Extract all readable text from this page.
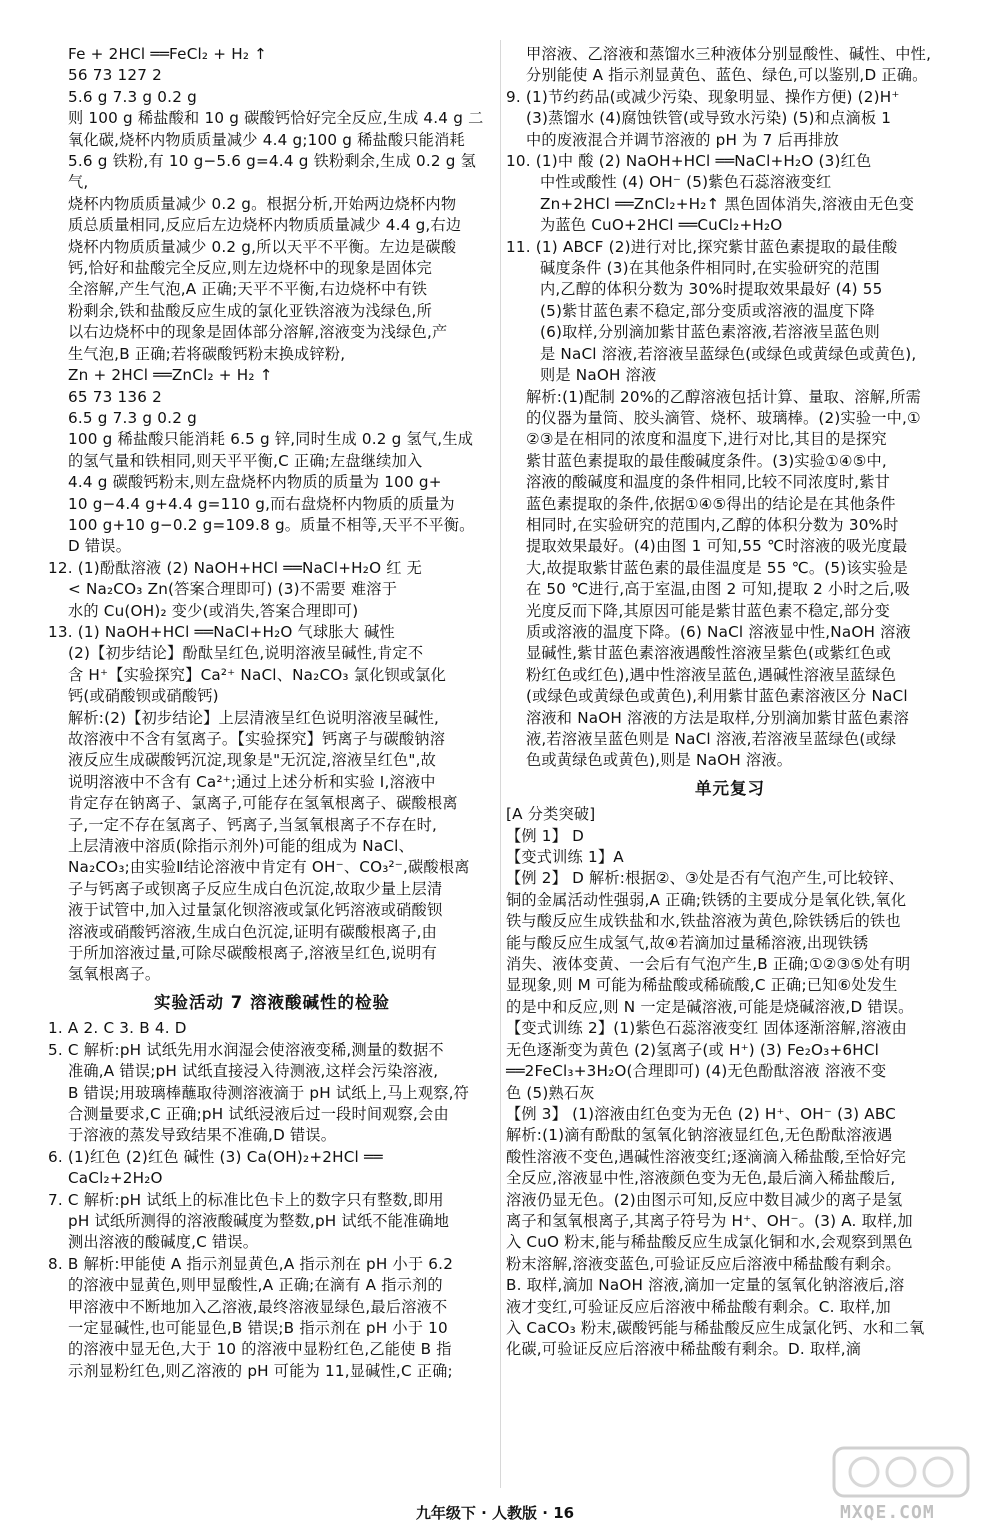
Fe + 2HCl ══FeCl₂ + H₂ ↑
56 73 127 2
5.6 g 7.3 g 0.2 g
则 100 g 稀盐酸和 10 g 碳酸钙恰好完全反应,生成 4.4 g 二
氧化碳,烧杯内物质质量减少 4.4 g;100 g 稀盐酸只能消耗
5.6 g 铁粉,有 10 g−5.6 g=4.4 g 铁粉剩余,生成 0.2 g 氢气,
烧杯内物质质量减少 0.2 g。根据分析,开始两边烧杯内物
质总质量相同,反应后左边烧杯内物质质量减少 4.4 g,右边
烧杯内物质质量减少 0.2 g,所以天平不平衡。左边是碳酸
钙,恰好和盐酸完全反应,则左边烧杯中的现象是固体完
全溶解,产生气泡,A 正确;天平不平衡,右边烧杯中有铁
粉剩余,铁和盐酸反应生成的氯化亚铁溶液为浅绿色,所
以右边烧杯中的现象是固体部分溶解,溶液变为浅绿色,产
生气泡,B 正确;若将碳酸钙粉末换成锌粉,
Zn + 2HCl ══ZnCl₂ + H₂ ↑
65 73 136 2
6.5 g 7.3 g 0.2 g
100 g 稀盐酸只能消耗 6.5 g 锌,同时生成 0.2 g 氢气,生成
的氢气量和铁相同,则天平平衡,C 正确;左盘继续加入
4.4 g 碳酸钙粉末,则左盘烧杯内物质的质量为 100 g+
10 g−4.4 g+4.4 g=110 g,而右盘烧杯内物质的质量为
100 g+10 g−0.2 g=109.8 g。质量不相等,天平不平衡。
D 错误。
12. (1)酚酞溶液 (2) NaOH+HCl ══NaCl+H₂O 红 无
< Na₂CO₃ Zn(答案合理即可) (3)不需要 难溶于
水的 Cu(OH)₂ 变少(或消失,答案合理即可)
13. (1) NaOH+HCl ══NaCl+H₂O 气球胀大 碱性
(2)【初步结论】酚酞呈红色,说明溶液呈碱性,肯定不
含 H⁺【实验探究】Ca²⁺ NaCl、Na₂CO₃ 氯化钡或氯化
钙(或硝酸钡或硝酸钙)
解析:(2)【初步结论】上层清液呈红色说明溶液呈碱性,
故溶液中不含有氢离子。【实验探究】钙离子与碳酸钠溶
液反应生成碳酸钙沉淀,现象是"无沉淀,溶液呈红色",故
说明溶液中不含有 Ca²⁺;通过上述分析和实验 I,溶液中
肯定存在钠离子、氯离子,可能存在氢氧根离子、碳酸根离
子,一定不存在氢离子、钙离子,当氢氧根离子不存在时,
上层清液中溶质(除指示剂外)可能的组成为 NaCl、
Na₂CO₃;由实验Ⅱ结论溶液中肯定有 OH⁻、CO₃²⁻,碳酸根离
子与钙离子或钡离子反应生成白色沉淀,故取少量上层清
液于试管中,加入过量氯化钡溶液或氯化钙溶液或硝酸钡
溶液或硝酸钙溶液,生成白色沉淀,证明有碳酸根离子,由
于所加溶液过量,可除尽碳酸根离子,溶液呈红色,说明有
氢氧根离子。
实验活动 7 溶液酸碱性的检验
1. A 2. C 3. B 4. D
5. C 解析:pH 试纸先用水润湿会使溶液变稀,测量的数据不
准确,A 错误;pH 试纸直接浸入待测液,这样会污染溶液,
B 错误;用玻璃棒蘸取待测溶液滴于 pH 试纸上,马上观察,符
合测量要求,C 正确;pH 试纸浸液后过一段时间观察,会由
于溶液的蒸发导致结果不准确,D 错误。
6. (1)红色 (2)红色 碱性 (3) Ca(OH)₂+2HCl ══
CaCl₂+2H₂O
7. C 解析:pH 试纸上的标准比色卡上的数字只有整数,即用
pH 试纸所测得的溶液酸碱度为整数,pH 试纸不能准确地
测出溶液的酸碱度,C 错误。
8. B 解析:甲能使 A 指示剂显黄色,A 指示剂在 pH 小于 6.2
的溶液中显黄色,则甲显酸性,A 正确;在滴有 A 指示剂的
甲溶液中不断地加入乙溶液,最终溶液显绿色,最后溶液不
一定显碱性,也可能显色,B 错误;B 指示剂在 pH 小于 10
的溶液中显无色,大于 10 的溶液中显粉红色,乙能使 B 指
示剂显粉红色,则乙溶液的 pH 可能为 11,显碱性,C 正确;
甲溶液、乙溶液和蒸馏水三种液体分别显酸性、碱性、中性,
分别能使 A 指示剂显黄色、蓝色、绿色,可以鉴别,D 正确。
9. (1)节约药品(或减少污染、现象明显、操作方便) (2)H⁺
(3)蒸馏水 (4)腐蚀铁管(或导致水污染) (5)和点滴板 1
中的废液混合并调节溶液的 pH 为 7 后再排放
10. (1)中 酸 (2) NaOH+HCl ══NaCl+H₂O (3)红色
中性或酸性 (4) OH⁻ (5)紫色石蕊溶液变红
Zn+2HCl ══ZnCl₂+H₂↑ 黑色固体消失,溶液由无色变
为蓝色 CuO+2HCl ══CuCl₂+H₂O
11. (1) ABCF (2)进行对比,探究紫甘蓝色素提取的最佳酸
碱度条件 (3)在其他条件相同时,在实验研究的范围
内,乙醇的体积分数为 30%时提取效果最好 (4) 55
(5)紫甘蓝色素不稳定,部分变质或溶液的温度下降
(6)取样,分别滴加紫甘蓝色素溶液,若溶液呈蓝色则
是 NaCl 溶液,若溶液呈蓝绿色(或绿色或黄绿色或黄色),
则是 NaOH 溶液
解析:(1)配制 20%的乙醇溶液包括计算、量取、溶解,所需
的仪器为量筒、胶头滴管、烧杯、玻璃棒。(2)实验一中,①
②③是在相同的浓度和温度下,进行对比,其目的是探究
紫甘蓝色素提取的最佳酸碱度条件。(3)实验①④⑤中,
溶液的酸碱度和温度的条件相同,比较不同浓度时,紫甘
蓝色素提取的条件,依据①④⑤得出的结论是在其他条件
相同时,在实验研究的范围内,乙醇的体积分数为 30%时
提取效果最好。(4)由图 1 可知,55 ℃时溶液的吸光度最
大,故提取紫甘蓝色素的最佳温度是 55 ℃。(5)该实验是
在 50 ℃进行,高于室温,由图 2 可知,提取 2 小时之后,吸
光度反而下降,其原因可能是紫甘蓝色素不稳定,部分变
质或溶液的温度下降。(6) NaCl 溶液显中性,NaOH 溶液
显碱性,紫甘蓝色素溶液遇酸性溶液呈紫色(或紫红色或
粉红色或红色),遇中性溶液呈蓝色,遇碱性溶液呈蓝绿色
(或绿色或黄绿色或黄色),利用紫甘蓝色素溶液区分 NaCl
溶液和 NaOH 溶液的方法是取样,分别滴加紫甘蓝色素溶
液,若溶液呈蓝色则是 NaCl 溶液,若溶液呈蓝绿色(或绿
色或黄绿色或黄色),则是 NaOH 溶液。
单元复习
[A 分类突破]
【例 1】 D
【变式训练 1】A
【例 2】 D 解析:根据②、③处是否有气泡产生,可比较锌、
铜的金属活动性强弱,A 正确;铁锈的主要成分是氧化铁,氧化
铁与酸反应生成铁盐和水,铁盐溶液为黄色,除铁锈后的铁也
能与酸反应生成氢气,故④若滴加过量稀溶液,出现铁锈
消失、液体变黄、一会后有气泡产生,B 正确;①②③⑤处有明
显现象,则 M 可能为稀盐酸或稀硫酸,C 正确;已知⑥处发生
的是中和反应,则 N 一定是碱溶液,可能是烧碱溶液,D 错误。
【变式训练 2】(1)紫色石蕊溶液变红 固体逐渐溶解,溶液由
无色逐渐变为黄色 (2)氢离子(或 H⁺) (3) Fe₂O₃+6HCl
══2FeCl₃+3H₂O(合理即可) (4)无色酚酞溶液 溶液不变
色 (5)熟石灰
【例 3】 (1)溶液由红色变为无色 (2) H⁺、OH⁻ (3) ABC
解析:(1)滴有酚酞的氢氧化钠溶液显红色,无色酚酞溶液遇
酸性溶液不变色,遇碱性溶液变红;逐滴滴入稀盐酸,至恰好完
全反应,溶液显中性,溶液颜色变为无色,最后滴入稀盐酸后,
溶液仍显无色。(2)由图示可知,反应中数目减少的离子是氢
离子和氢氧根离子,其离子符号为 H⁺、OH⁻。(3) A. 取样,加
入 CuO 粉末,能与稀盐酸反应生成氯化铜和水,会观察到黑色
粉末溶解,溶液变蓝色,可验证反应后溶液中稀盐酸有剩余。
B. 取样,滴加 NaOH 溶液,滴加一定量的氢氧化钠溶液后,溶
液才变红,可验证反应后溶液中稀盐酸有剩余。C. 取样,加
入 CaCO₃ 粉末,碳酸钙能与稀盐酸反应生成氯化钙、水和二氧
化碳,可验证反应后溶液中稀盐酸有剩余。D. 取样,滴
九年级下 · 人教版 · 16	MXQE.COM
